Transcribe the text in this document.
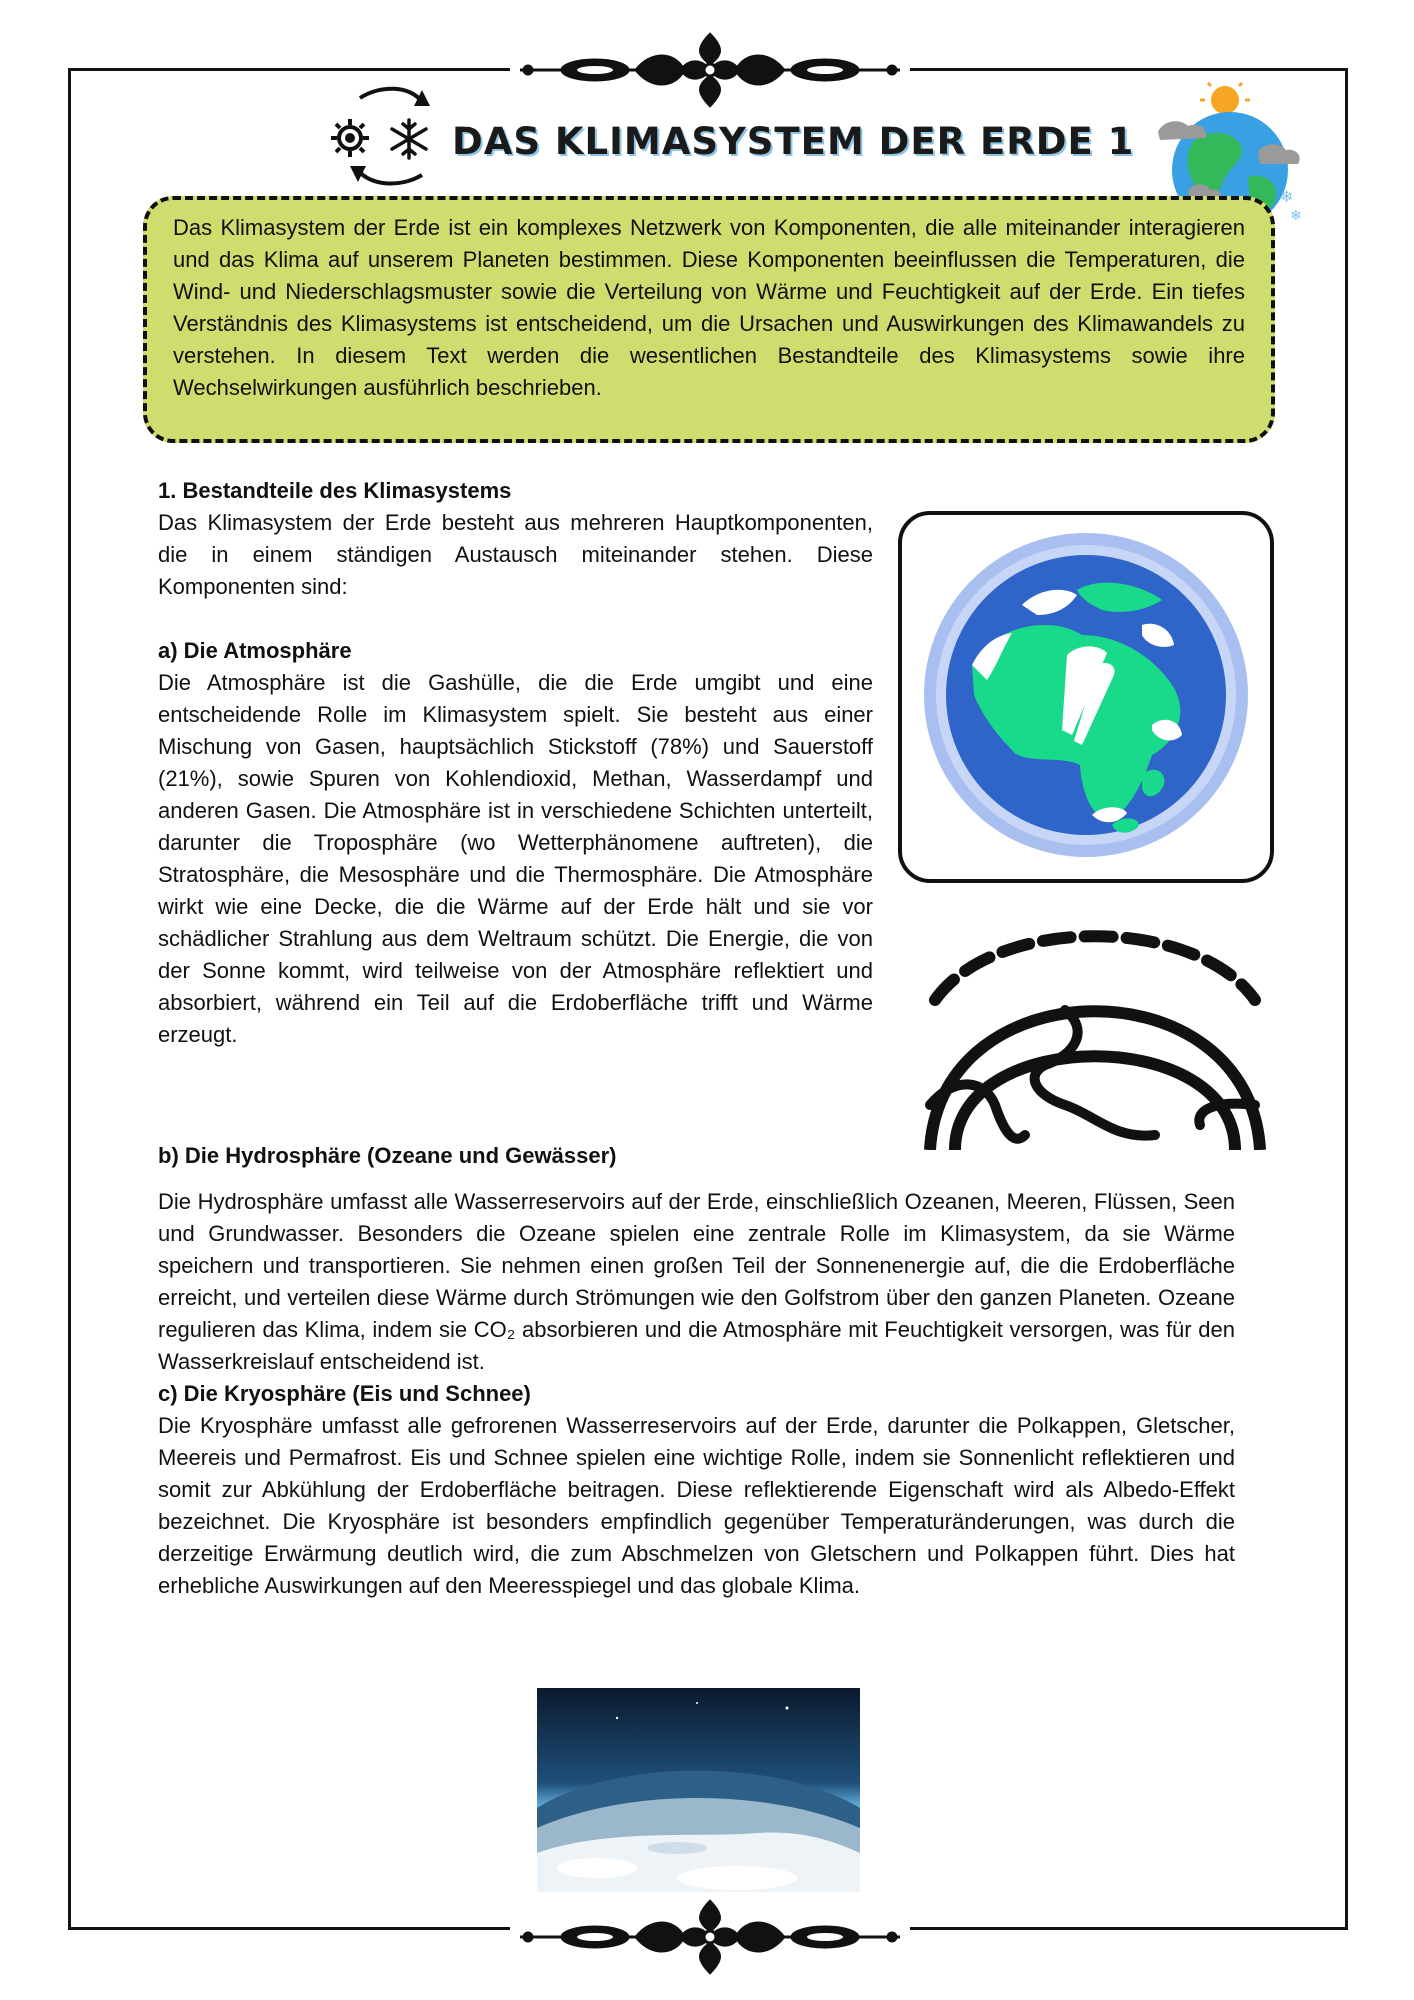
DAS KLIMASYSTEM DER ERDE 1
❄
❄

Das Klimasystem der Erde ist ein komplexes Netzwerk von Komponenten, die alle miteinander interagieren und das Klima auf unserem Planeten bestimmen. Diese Komponenten beeinflussen die Temperaturen, die Wind- und Niederschlagsmuster sowie die Verteilung von Wärme und Feuchtigkeit auf der Erde. Ein tiefes Verständnis des Klimasystems ist entscheidend, um die Ursachen und Auswirkungen des Klimawandels zu verstehen. In diesem Text werden die wesentlichen Bestandteile des Klimasystems sowie ihre Wechselwirkungen ausführlich beschrieben.

1. Bestandteile des Klimasystems

Das Klimasystem der Erde besteht aus mehreren Hauptkomponenten, die in einem ständigen Austausch miteinander stehen. Diese Komponenten sind:

a) Die Atmosphäre

Die Atmosphäre ist die Gashülle, die die Erde umgibt und eine entscheidende Rolle im Klimasystem spielt. Sie besteht aus einer Mischung von Gasen, hauptsächlich Stickstoff (78%) und Sauerstoff (21%), sowie Spuren von Kohlendioxid, Methan, Wasserdampf und anderen Gasen. Die Atmosphäre ist in verschiedene Schichten unterteilt, darunter die Troposphäre (wo Wetterphänomene auftreten), die Stratosphäre, die Mesosphäre und die Thermosphäre. Die Atmosphäre wirkt wie eine Decke, die die Wärme auf der Erde hält und sie vor schädlicher Strahlung aus dem Weltraum schützt. Die Energie, die von der Sonne kommt, wird teilweise von der Atmosphäre reflektiert und absorbiert, während ein Teil auf die Erdoberfläche trifft und Wärme erzeugt.

b) Die Hydrosphäre (Ozeane und Gewässer)

Die Hydrosphäre umfasst alle Wasserreservoirs auf der Erde, einschließlich Ozeanen, Meeren, Flüssen, Seen und Grundwasser. Besonders die Ozeane spielen eine zentrale Rolle im Klimasystem, da sie Wärme speichern und transportieren. Sie nehmen einen großen Teil der Sonnenenergie auf, die die Erdoberfläche erreicht, und verteilen diese Wärme durch Strömungen wie den Golfstrom über den ganzen Planeten. Ozeane regulieren das Klima, indem sie CO₂ absorbieren und die Atmosphäre mit Feuchtigkeit versorgen, was für den Wasserkreislauf entscheidend ist.

c) Die Kryosphäre (Eis und Schnee)

Die Kryosphäre umfasst alle gefrorenen Wasserreservoirs auf der Erde, darunter die Polkappen, Gletscher, Meereis und Permafrost. Eis und Schnee spielen eine wichtige Rolle, indem sie Sonnenlicht reflektieren und somit zur Abkühlung der Erdoberfläche beitragen. Diese reflektierende Eigenschaft wird als Albedo-Effekt bezeichnet. Die Kryosphäre ist besonders empfindlich gegenüber Temperaturänderungen, was durch die derzeitige Erwärmung deutlich wird, die zum Abschmelzen von Gletschern und Polkappen führt. Dies hat erhebliche Auswirkungen auf den Meeresspiegel und das globale Klima.
